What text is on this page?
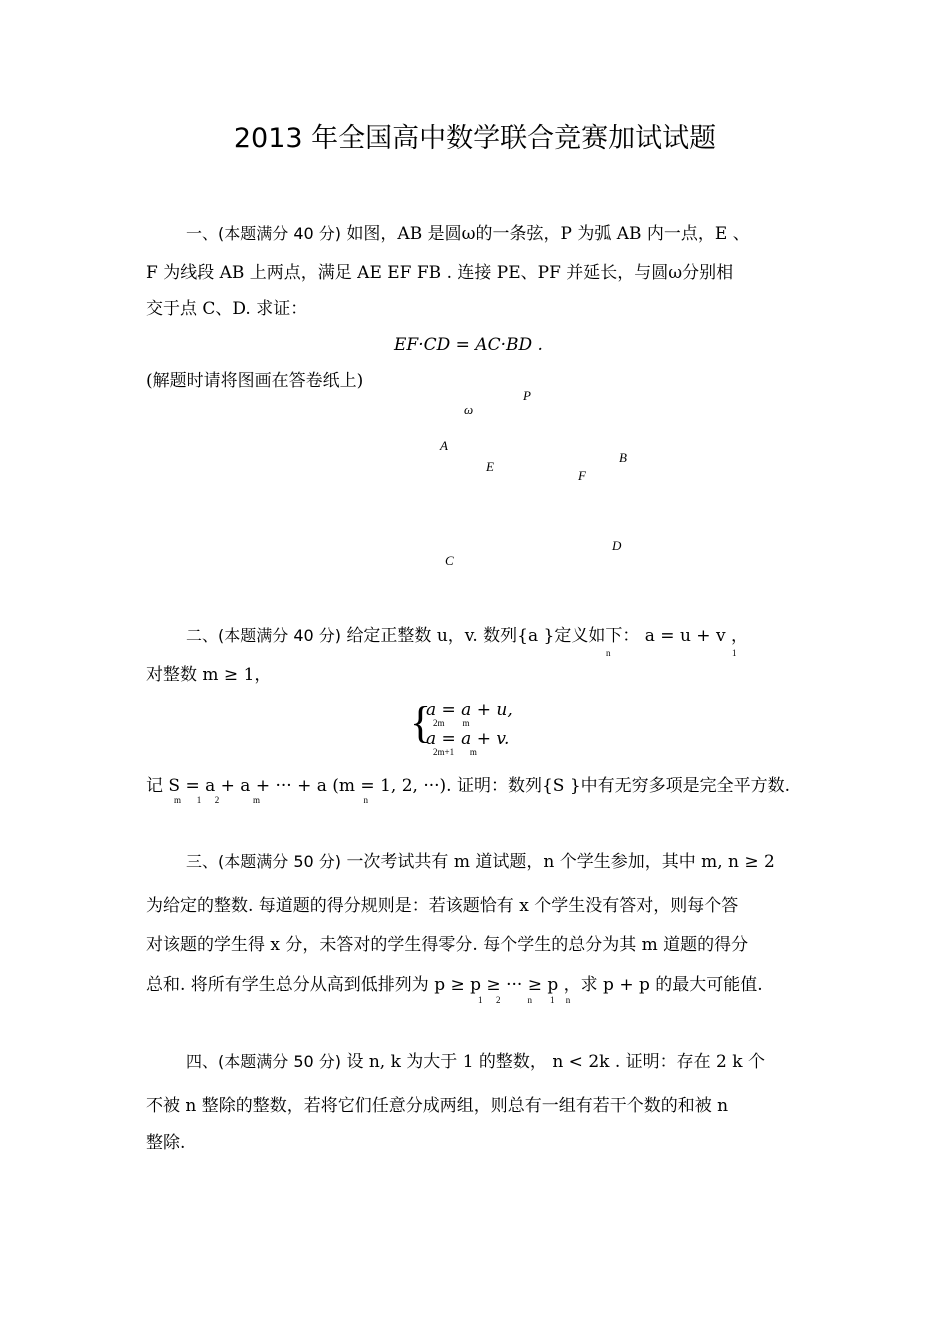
2013 年全国高中数学联合竞赛加试试题
一、(本题满分 40 分) 如图，AB 是圆ω的一条弦，P 为弧 AB 内一点，E 、
F 为线段 AB 上两点，满足 AE EF FB . 连接 PE、PF 并延长，与圆ω分别相
交于点 C、D. 求证：
EF·CD = AC·BD .
(解题时请将图画在答卷纸上)
P
ω
A
E
F
B
D
C
二、(本题满分 40 分) 给定正整数 u，v. 数列{a }定义如下： a = u + v ，
n	1
对整数 m ≥ 1，
{
a = a + u,
2m        m
a = a + v.
2m+1       m
记 S = a + a + ··· + a (m = 1, 2, ···). 证明：数列{S }中有无穷多项是完全平方数.
m       1      2               m                                              n
三、(本题满分 50 分) 一次考试共有 m 道试题，n 个学生参加，其中 m, n ≥ 2
为给定的整数. 每道题的得分规则是：若该题恰有 x 个学生没有答对，则每个答
对该题的学生得 x 分，未答对的学生得零分. 每个学生的总分为其 m 道题的得分
总和. 将所有学生总分从高到低排列为 p ≥ p ≥ ··· ≥ p ，求 p + p 的最大可能值.
1      2            n        1     n
四、(本题满分 50 分) 设 n, k 为大于 1 的整数， n < 2k . 证明：存在 2 k 个
不被 n 整除的整数，若将它们任意分成两组，则总有一组有若干个数的和被 n
整除.
